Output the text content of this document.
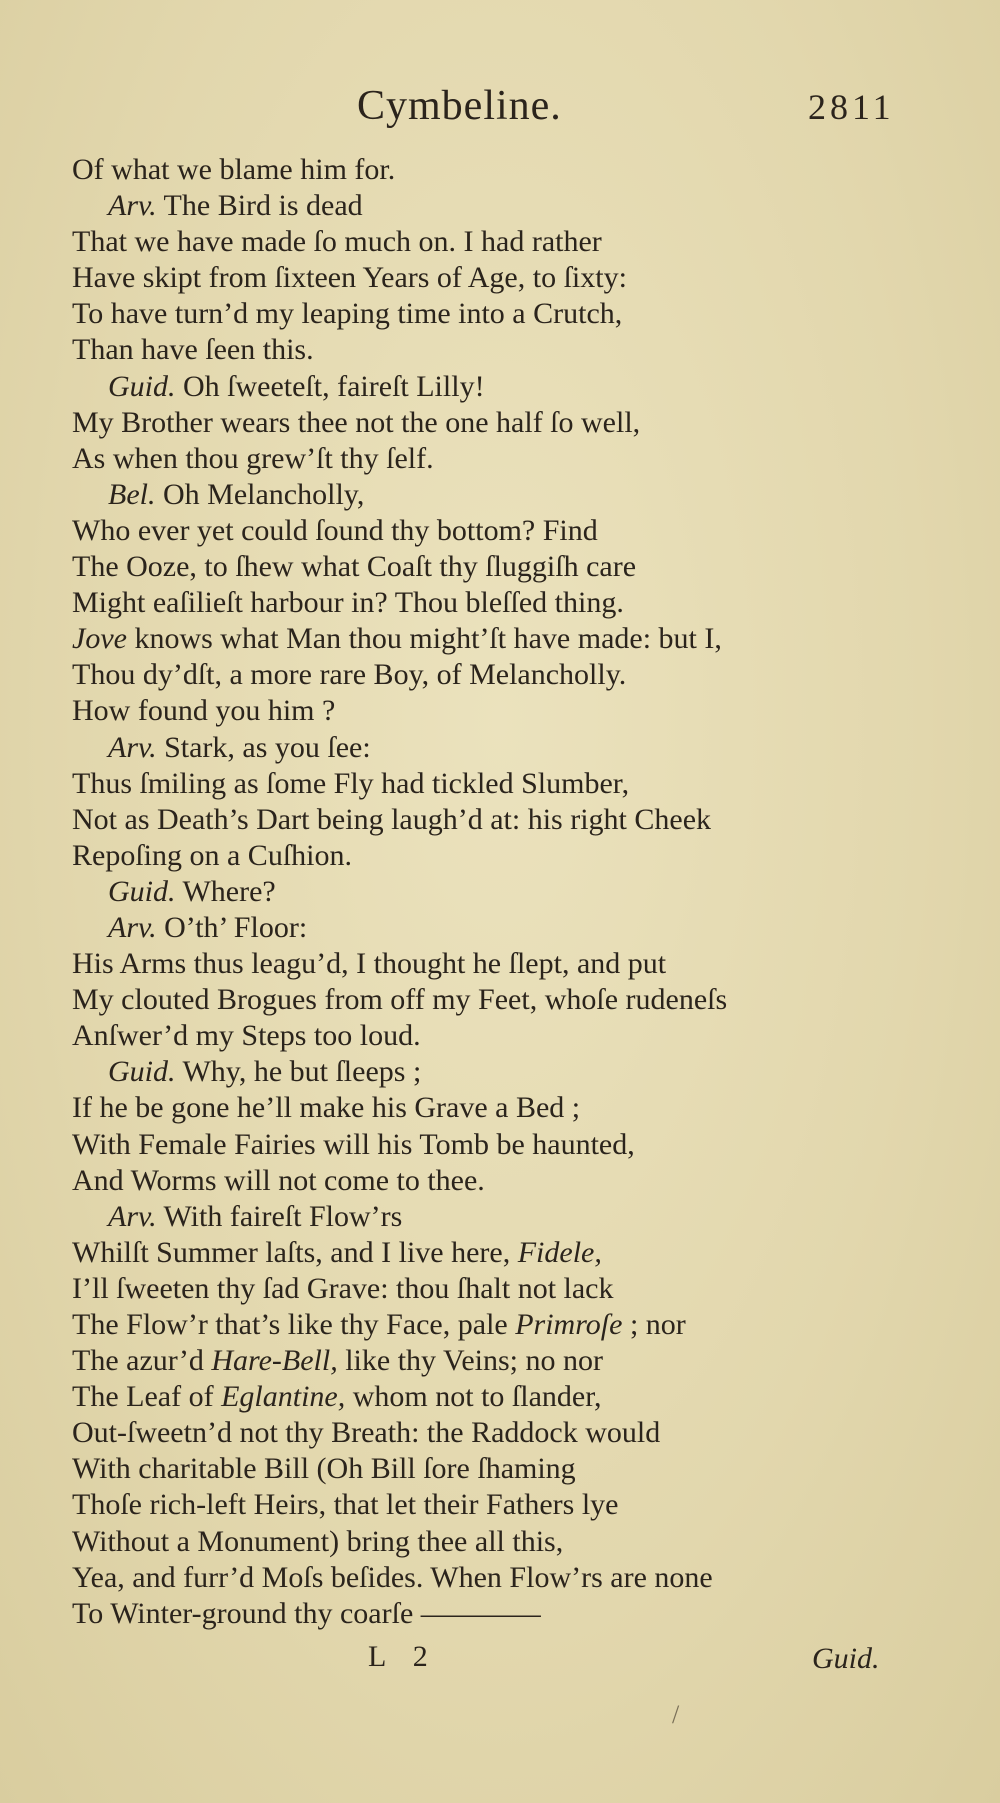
Cymbeline.	2811
Of what we blame him for.
Arv. The Bird is dead
That we have made ſo much on. I had rather
Have skipt from ſixteen Years of Age, to ſixty:
To have turn’d my leaping time into a Crutch,
Than have ſeen this.
Guid. Oh ſweeteſt, faireſt Lilly!
My Brother wears thee not the one half ſo well,
As when thou grew’ſt thy ſelf.
Bel. Oh Melancholly,
Who ever yet could ſound thy bottom? Find
The Ooze, to ſhew what Coaſt thy ſluggiſh care
Might eaſilieſt harbour in? Thou bleſſed thing.
Jove knows what Man thou might’ſt have made: but I,
Thou dy’dſt, a more rare Boy, of Melancholly.
How found you him ?
Arv. Stark, as you ſee:
Thus ſmiling as ſome Fly had tickled Slumber,
Not as Death’s Dart being laugh’d at: his right Cheek
Repoſing on a Cuſhion.
Guid. Where?
Arv. O’th’ Floor:
His Arms thus leagu’d, I thought he ſlept, and put
My clouted Brogues from off my Feet, whoſe rudeneſs
Anſwer’d my Steps too loud.
Guid. Why, he but ſleeps ;
If he be gone he’ll make his Grave a Bed ;
With Female Fairies will his Tomb be haunted,
And Worms will not come to thee.
Arv. With faireſt Flow’rs
Whilſt Summer laſts, and I live here, Fidele,
I’ll ſweeten thy ſad Grave: thou ſhalt not lack
The Flow’r that’s like thy Face, pale Primroſe ; nor
The azur’d Hare-Bell, like thy Veins; no nor
The Leaf of Eglantine, whom not to ſlander,
Out-ſweetn’d not thy Breath: the Raddock would
With charitable Bill (Oh Bill ſore ſhaming
Thoſe rich-left Heirs, that let their Fathers lye
Without a Monument) bring thee all this,
Yea, and furr’d Moſs beſides. When Flow’rs are none
To Winter-ground thy coarſe ————
L 2	Guid.
/
